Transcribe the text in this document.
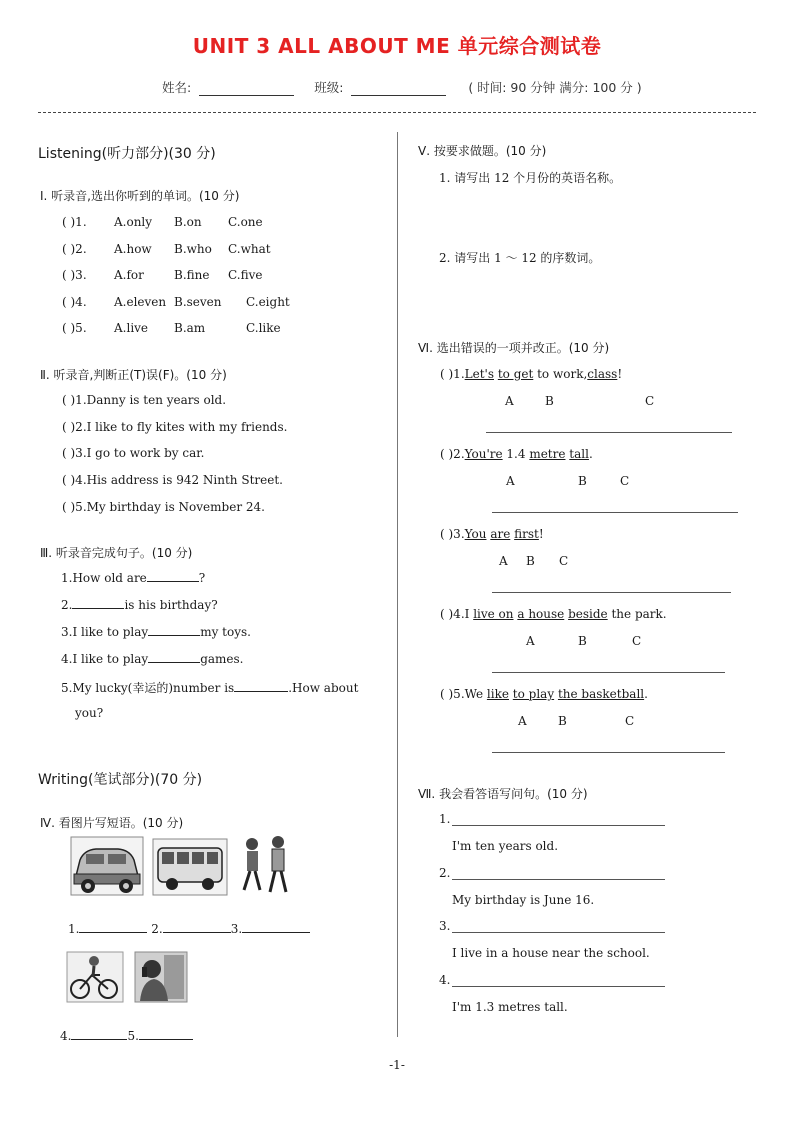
UNIT 3 ALL ABOUT ME 单元综合测试卷
姓名:	班级:	( 时间: 90 分钟 满分: 100 分 )
Listening(听力部分)(30 分)
Ⅰ. 听录音,选出你听到的单词。(10 分)
( )1. A.only B.on C.one
( )2. A.how B.who C.what
( )3. A.for	B.fine C.five
( )4. A.eleven B.seven C.eight
( )5. A.live B.am	C.like
Ⅱ. 听录音,判断正(T)误(F)。(10 分)
( )1.Danny is ten years old.
( )2.I like to fly kites with my friends.
( )3.I go to work by car.
( )4.His address is 942 Ninth Street.
( )5.My birthday is November 24.
Ⅲ. 听录音完成句子。(10 分)
1.How old are	?
2.	is his birthday?
3.I like to play	my toys.
4.I like to play	games.
5.My lucky(幸运的)number is	.How about
you?
Writing(笔试部分)(70 分)
Ⅳ. 看图片写短语。(10 分)
1.	2.	3.
4.	5.
Ⅴ. 按要求做题。(10 分)
1. 请写出 12 个月份的英语名称。
2. 请写出 1 ～ 12 的序数词。
Ⅵ. 选出错误的一项并改正。(10 分)
( )1.Let's to get to work,class!
A	B	C
( )2.You're 1.4 metre tall.
A	B	C
( )3.You are first!
A B C
( )4.I live on a house beside the park.
A	B	C
( )5.We like to play the basketball.
A	B	C
Ⅶ. 我会看答语写问句。(10 分)
1.
I'm ten years old.
2.
My birthday is June 16.
3.
I live in a house near the school.
4.
I'm 1.3 metres tall.
-1-
